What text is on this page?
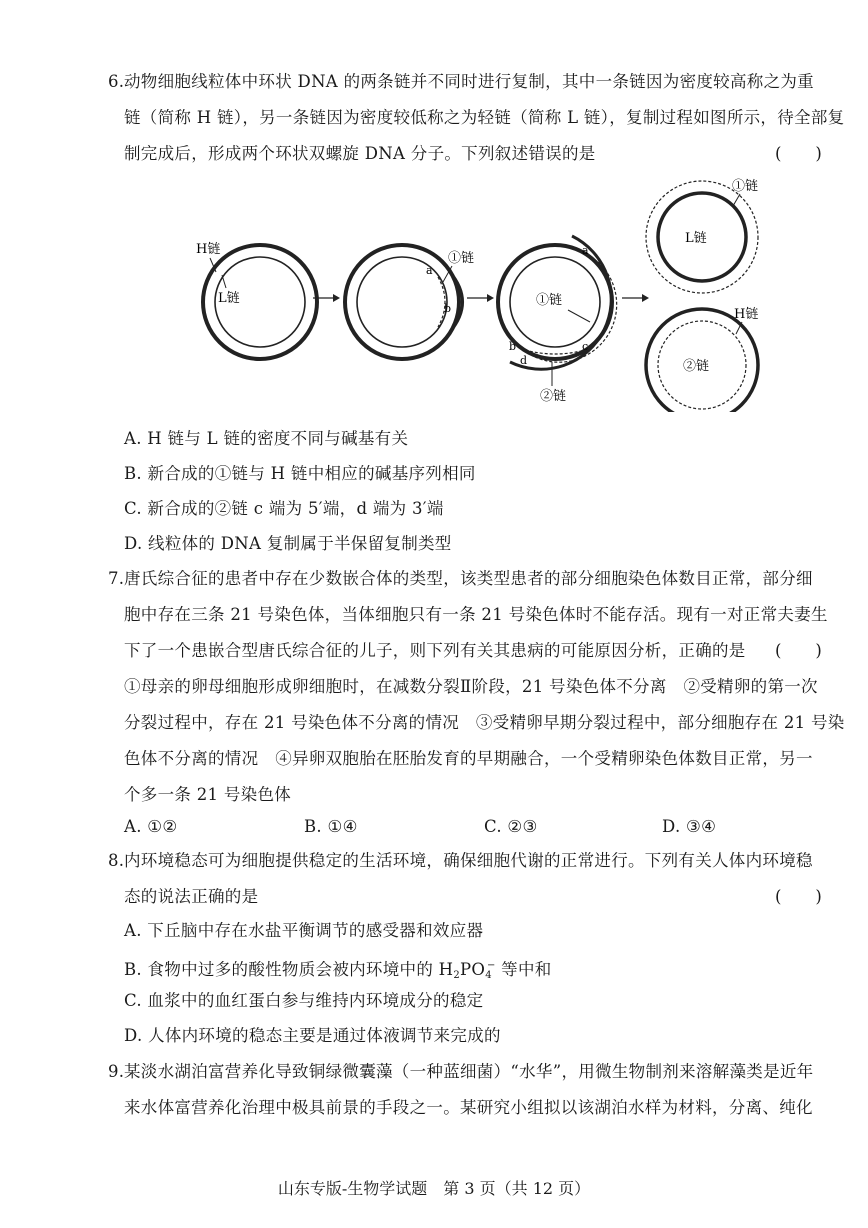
6. 动物细胞线粒体中环状 DNA 的两条链并不同时进行复制，其中一条链因为密度较高称之为重
链（简称 H 链），另一条链因为密度较低称之为轻链（简称 L 链），复制过程如图所示，待全部复
制完成后，形成两个环状双螺旋 DNA 分子。下列叙述错误的是	(　　)
H链
L链
a
b
①链
a
b	c
d
①链
②链
L链
①链
②链
H链
A. H 链与 L 链的密度不同与碱基有关
B. 新合成的①链与 H 链中相应的碱基序列相同
C. 新合成的②链 c 端为 5′端，d 端为 3′端
D. 线粒体的 DNA 复制属于半保留复制类型
7. 唐氏综合征的患者中存在少数嵌合体的类型，该类型患者的部分细胞染色体数目正常，部分细
胞中存在三条 21 号染色体，当体细胞只有一条 21 号染色体时不能存活。现有一对正常夫妻生
下了一个患嵌合型唐氏综合征的儿子，则下列有关其患病的可能原因分析，正确的是 (　　)
①母亲的卵母细胞形成卵细胞时，在减数分裂Ⅱ阶段，21 号染色体不分离　②受精卵的第一次
分裂过程中，存在 21 号染色体不分离的情况　③受精卵早期分裂过程中，部分细胞存在 21 号染
色体不分离的情况　④异卵双胞胎在胚胎发育的早期融合，一个受精卵染色体数目正常，另一
个多一条 21 号染色体
A. ①②	B. ①④	C. ②③	D. ③④
8. 内环境稳态可为细胞提供稳定的生活环境，确保细胞代谢的正常进行。下列有关人体内环境稳
态的说法正确的是	(　　)
A. 下丘脑中存在水盐平衡调节的感受器和效应器
B. 食物中过多的酸性物质会被内环境中的 $H_2PO_4^-$ 等中和
C. 血浆中的血红蛋白参与维持内环境成分的稳定
D. 人体内环境的稳态主要是通过体液调节来完成的
9. 某淡水湖泊富营养化导致铜绿微囊藻（一种蓝细菌）“水华”，用微生物制剂来溶解藻类是近年
来水体富营养化治理中极具前景的手段之一。某研究小组拟以该湖泊水样为材料，分离、纯化
山东专版-生物学试题　第 3 页（共 12 页）
